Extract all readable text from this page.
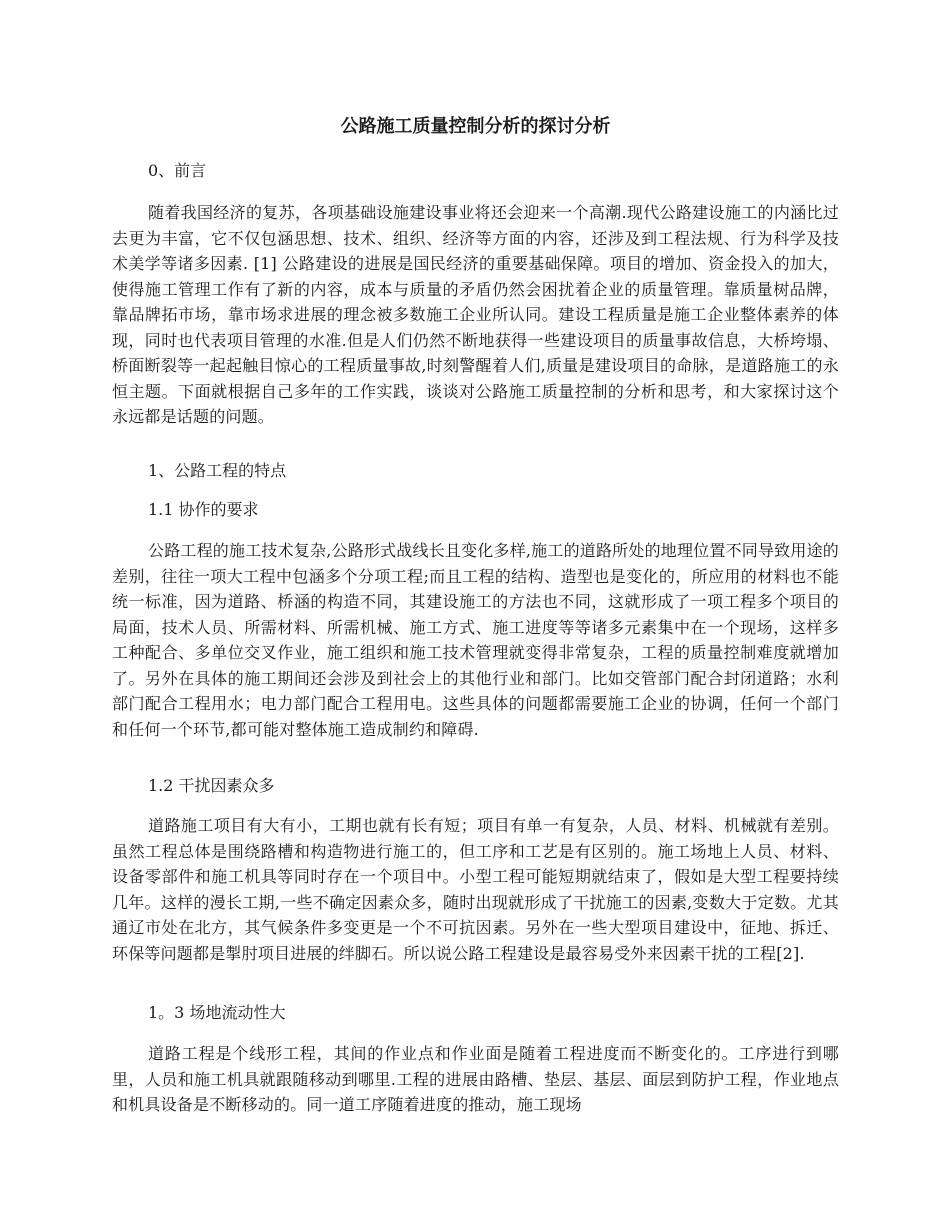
公路施工质量控制分析的探讨分析

0、前言

随着我国经济的复苏，各项基础设施建设事业将还会迎来一个高潮.现代公路建设施工的内涵比过去更为丰富，它不仅包涵思想、技术、组织、经济等方面的内容，还涉及到工程法规、行为科学及技术美学等诸多因素. [1] 公路建设的进展是国民经济的重要基础保障。项目的增加、资金投入的加大，使得施工管理工作有了新的内容，成本与质量的矛盾仍然会困扰着企业的质量管理。靠质量树品牌，靠品牌拓市场，靠市场求进展的理念被多数施工企业所认同。建设工程质量是施工企业整体素养的体现，同时也代表项目管理的水准.但是人们仍然不断地获得一些建设项目的质量事故信息，大桥垮塌、桥面断裂等一起起触目惊心的工程质量事故,时刻警醒着人们,质量是建设项目的命脉，是道路施工的永恒主题。下面就根据自己多年的工作实践，谈谈对公路施工质量控制的分析和思考，和大家探讨这个永远都是话题的问题。

1、公路工程的特点

1.1 协作的要求

公路工程的施工技术复杂,公路形式战线长且变化多样,施工的道路所处的地理位置不同导致用途的差别，往往一项大工程中包涵多个分项工程;而且工程的结构、造型也是变化的，所应用的材料也不能统一标准，因为道路、桥涵的构造不同，其建设施工的方法也不同，这就形成了一项工程多个项目的局面，技术人员、所需材料、所需机械、施工方式、施工进度等等诸多元素集中在一个现场，这样多工种配合、多单位交叉作业，施工组织和施工技术管理就变得非常复杂，工程的质量控制难度就增加了。另外在具体的施工期间还会涉及到社会上的其他行业和部门。比如交管部门配合封闭道路；水利部门配合工程用水；电力部门配合工程用电。这些具体的问题都需要施工企业的协调，任何一个部门和任何一个环节,都可能对整体施工造成制约和障碍.

1.2 干扰因素众多

道路施工项目有大有小，工期也就有长有短；项目有单一有复杂，人员、材料、机械就有差别。虽然工程总体是围绕路槽和构造物进行施工的，但工序和工艺是有区别的。施工场地上人员、材料、设备零部件和施工机具等同时存在一个项目中。小型工程可能短期就结束了，假如是大型工程要持续几年。这样的漫长工期,一些不确定因素众多，随时出现就形成了干扰施工的因素,变数大于定数。尤其通辽市处在北方，其气候条件多变更是一个不可抗因素。另外在一些大型项目建设中，征地、拆迁、环保等问题都是掣肘项目进展的绊脚石。所以说公路工程建设是最容易受外来因素干扰的工程[2].

1。3 场地流动性大

道路工程是个线形工程，其间的作业点和作业面是随着工程进度而不断变化的。工序进行到哪里，人员和施工机具就跟随移动到哪里.工程的进展由路槽、垫层、基层、面层到防护工程，作业地点和机具设备是不断移动的。同一道工序随着进度的推动，施工现场
